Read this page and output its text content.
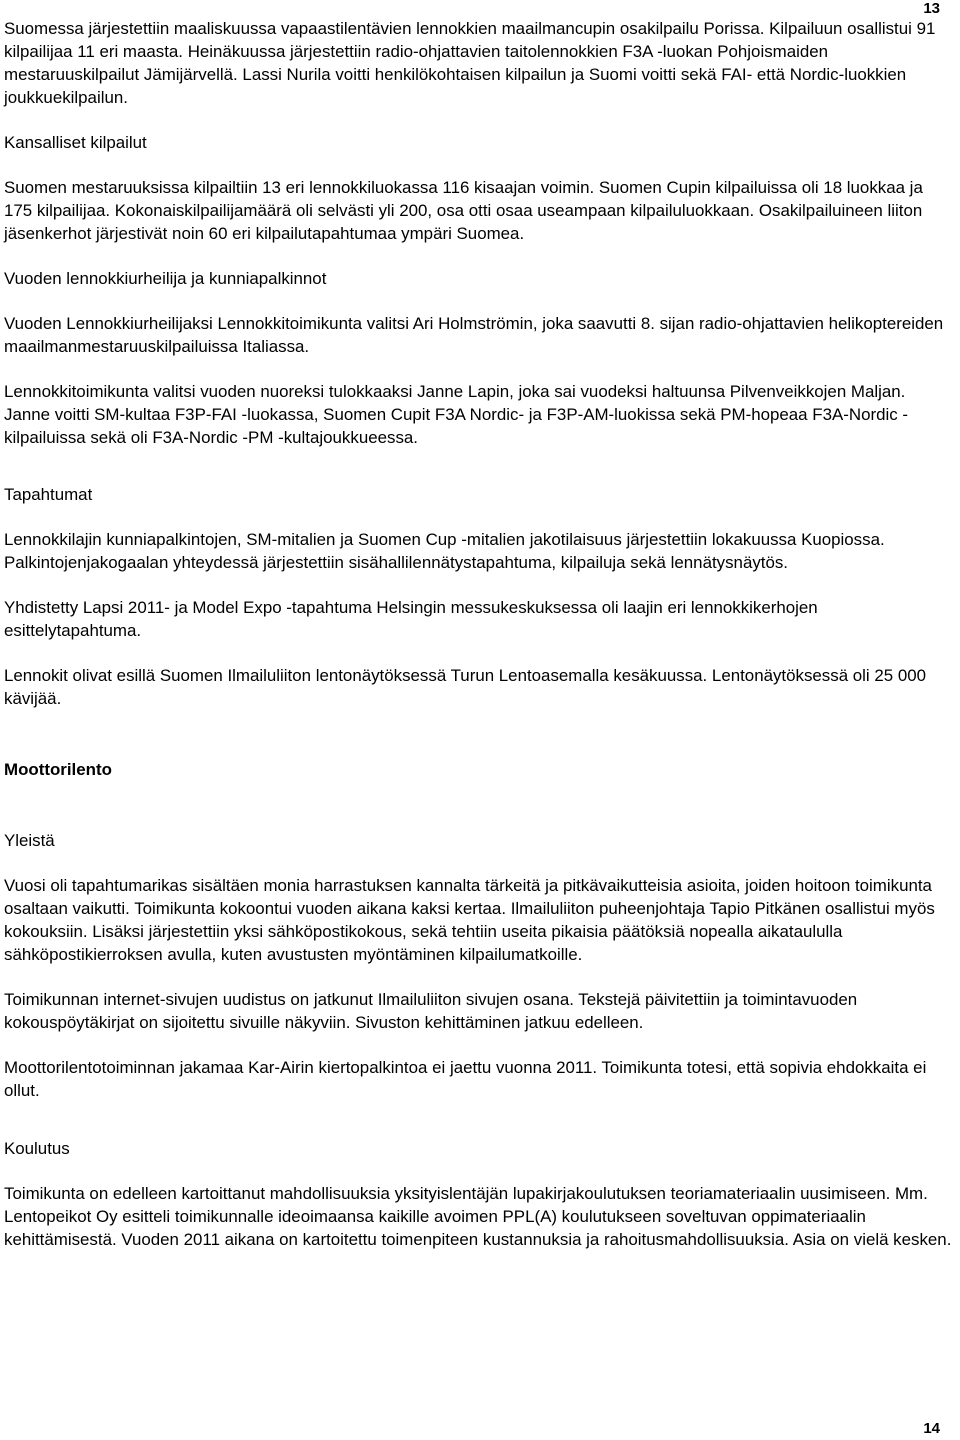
13

Suomessa järjestettiin maaliskuussa vapaastilentävien lennokkien maailmancupin osakilpailu Porissa. Kilpailuun osallistui 91 kilpailijaa 11 eri maasta. Heinäkuussa järjestettiin radio-ohjattavien taitolennokkien F3A -luokan Pohjoismaiden mestaruuskilpailut Jämijärvellä. Lassi Nurila voitti henkilökohtaisen kilpailun ja Suomi voitti sekä FAI- että Nordic-luokkien joukkuekilpailun.

Kansalliset kilpailut

Suomen mestaruuksissa kilpailtiin 13 eri lennokkiluokassa 116 kisaajan voimin. Suomen Cupin kilpailuissa oli 18 luokkaa ja 175 kilpailijaa. Kokonaiskilpailijamäärä oli selvästi yli 200, osa otti osaa useampaan kilpailuluokkaan. Osakilpailuineen liiton jäsenkerhot järjestivät noin 60 eri kilpailutapahtumaa ympäri Suomea.

Vuoden lennokkiurheilija ja kunniapalkinnot

Vuoden Lennokkiurheilijaksi Lennokkitoimikunta valitsi Ari Holmströmin, joka saavutti 8. sijan radio-ohjattavien helikoptereiden maailmanmestaruuskilpailuissa Italiassa.

Lennokkitoimikunta valitsi vuoden nuoreksi tulokkaaksi Janne Lapin, joka sai vuodeksi haltuunsa Pilvenveikkojen Maljan. Janne voitti SM-kultaa F3P-FAI -luokassa, Suomen Cupit F3A Nordic- ja F3P-AM-luokissa sekä PM-hopeaa F3A-Nordic -kilpailuissa sekä oli F3A-Nordic -PM -kultajoukkueessa.

Tapahtumat

Lennokkilajin kunniapalkintojen, SM-mitalien ja Suomen Cup -mitalien jakotilaisuus järjestettiin lokakuussa Kuopiossa. Palkintojenjakogaalan yhteydessä järjestettiin sisähallilennätystapahtuma, kilpailuja sekä lennätysnäytös.

Yhdistetty Lapsi 2011- ja Model Expo -tapahtuma Helsingin messukeskuksessa oli laajin eri lennokkikerhojen esittelytapahtuma.

Lennokit olivat esillä Suomen Ilmailuliiton lentonäytöksessä Turun Lentoasemalla kesäkuussa. Lentonäytöksessä oli 25 000 kävijää.

Moottorilento

Yleistä

Vuosi oli tapahtumarikas sisältäen monia harrastuksen kannalta tärkeitä ja pitkävaikutteisia asioita, joiden hoitoon toimikunta osaltaan vaikutti. Toimikunta kokoontui vuoden aikana kaksi kertaa. Ilmailuliiton puheenjohtaja Tapio Pitkänen osallistui myös kokouksiin. Lisäksi järjestettiin yksi sähköpostikokous, sekä tehtiin useita pikaisia päätöksiä nopealla aikataululla sähköpostikierroksen avulla, kuten avustusten myöntäminen kilpailumatkoille.

Toimikunnan internet-sivujen uudistus on jatkunut Ilmailuliiton sivujen osana. Tekstejä päivitettiin ja toimintavuoden kokouspöytäkirjat on sijoitettu sivuille näkyviin. Sivuston kehittäminen jatkuu edelleen.

Moottorilentotoiminnan jakamaa Kar-Airin kiertopalkintoa ei jaettu vuonna 2011. Toimikunta totesi, että sopivia ehdokkaita ei ollut.

Koulutus

Toimikunta on edelleen kartoittanut mahdollisuuksia yksityislentäjän lupakirjakoulutuksen teoriamateriaalin uusimiseen. Mm. Lentopeikot Oy esitteli toimikunnalle ideoimaansa kaikille avoimen PPL(A) koulutukseen soveltuvan oppimateriaalin kehittämisestä. Vuoden 2011 aikana on kartoitettu toimenpiteen kustannuksia ja rahoitusmahdollisuuksia. Asia on vielä kesken.

14
